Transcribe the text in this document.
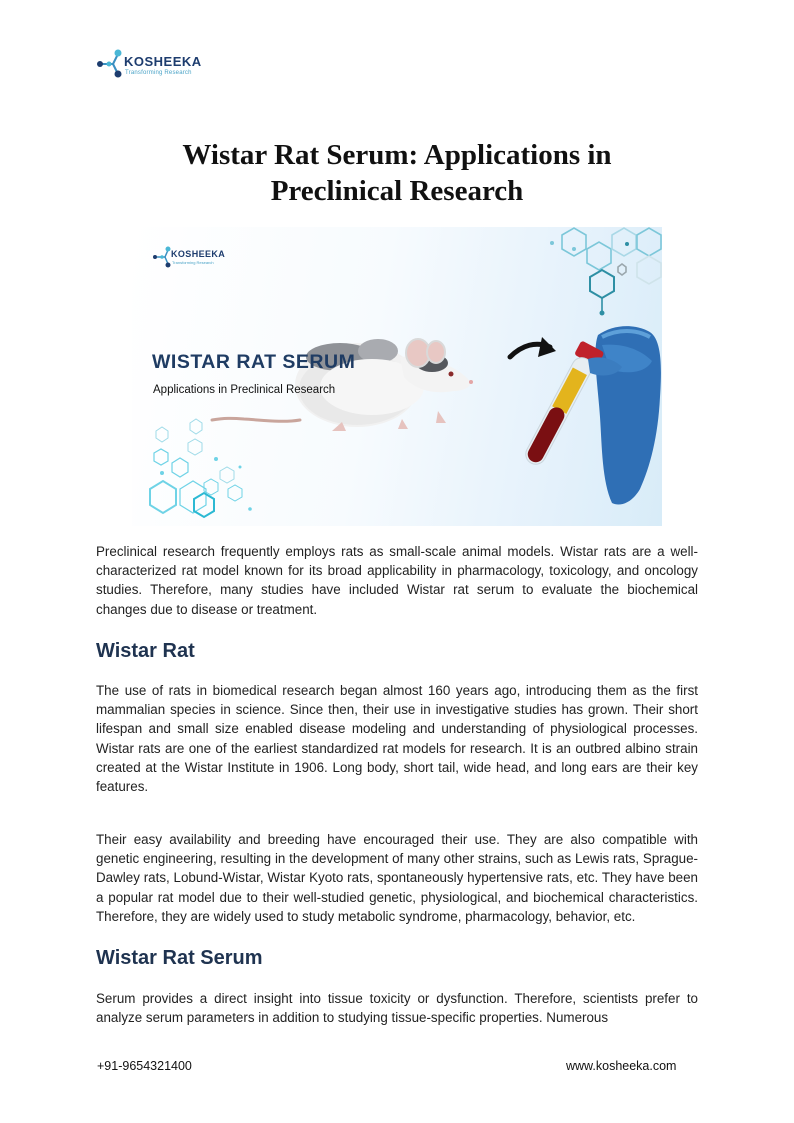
KOSHEEKA
Transforming Research
Wistar Rat Serum: Applications in
Preclinical Research
KOSHEEKA
Transforming Research
WISTAR RAT SERUM
Applications in Preclinical Research

Preclinical research frequently employs rats as small-scale animal models. Wistar rats are a well-characterized rat model known for its broad applicability in pharmacology, toxicology, and oncology studies. Therefore, many studies have included Wistar rat serum to evaluate the biochemical changes due to disease or treatment.

Wistar Rat

The use of rats in biomedical research began almost 160 years ago, introducing them as the first mammalian species in science. Since then, their use in investigative studies has grown. Their short lifespan and small size enabled disease modeling and understanding of physiological processes. Wistar rats are one of the earliest standardized rat models for research. It is an outbred albino strain created at the Wistar Institute in 1906. Long body, short tail, wide head, and long ears are their key features.

Their easy availability and breeding have encouraged their use. They are also compatible with genetic engineering, resulting in the development of many other strains, such as Lewis rats, Sprague-Dawley rats, Lobund-Wistar, Wistar Kyoto rats, spontaneously hypertensive rats, etc. They have been a popular rat model due to their well-studied genetic, physiological, and biochemical characteristics. Therefore, they are widely used to study metabolic syndrome, pharmacology, behavior, etc.

Wistar Rat Serum

Serum provides a direct insight into tissue toxicity or dysfunction. Therefore, scientists prefer to analyze serum parameters in addition to studying tissue-specific properties. Numerous

+91-9654321400	www.kosheeka.com
